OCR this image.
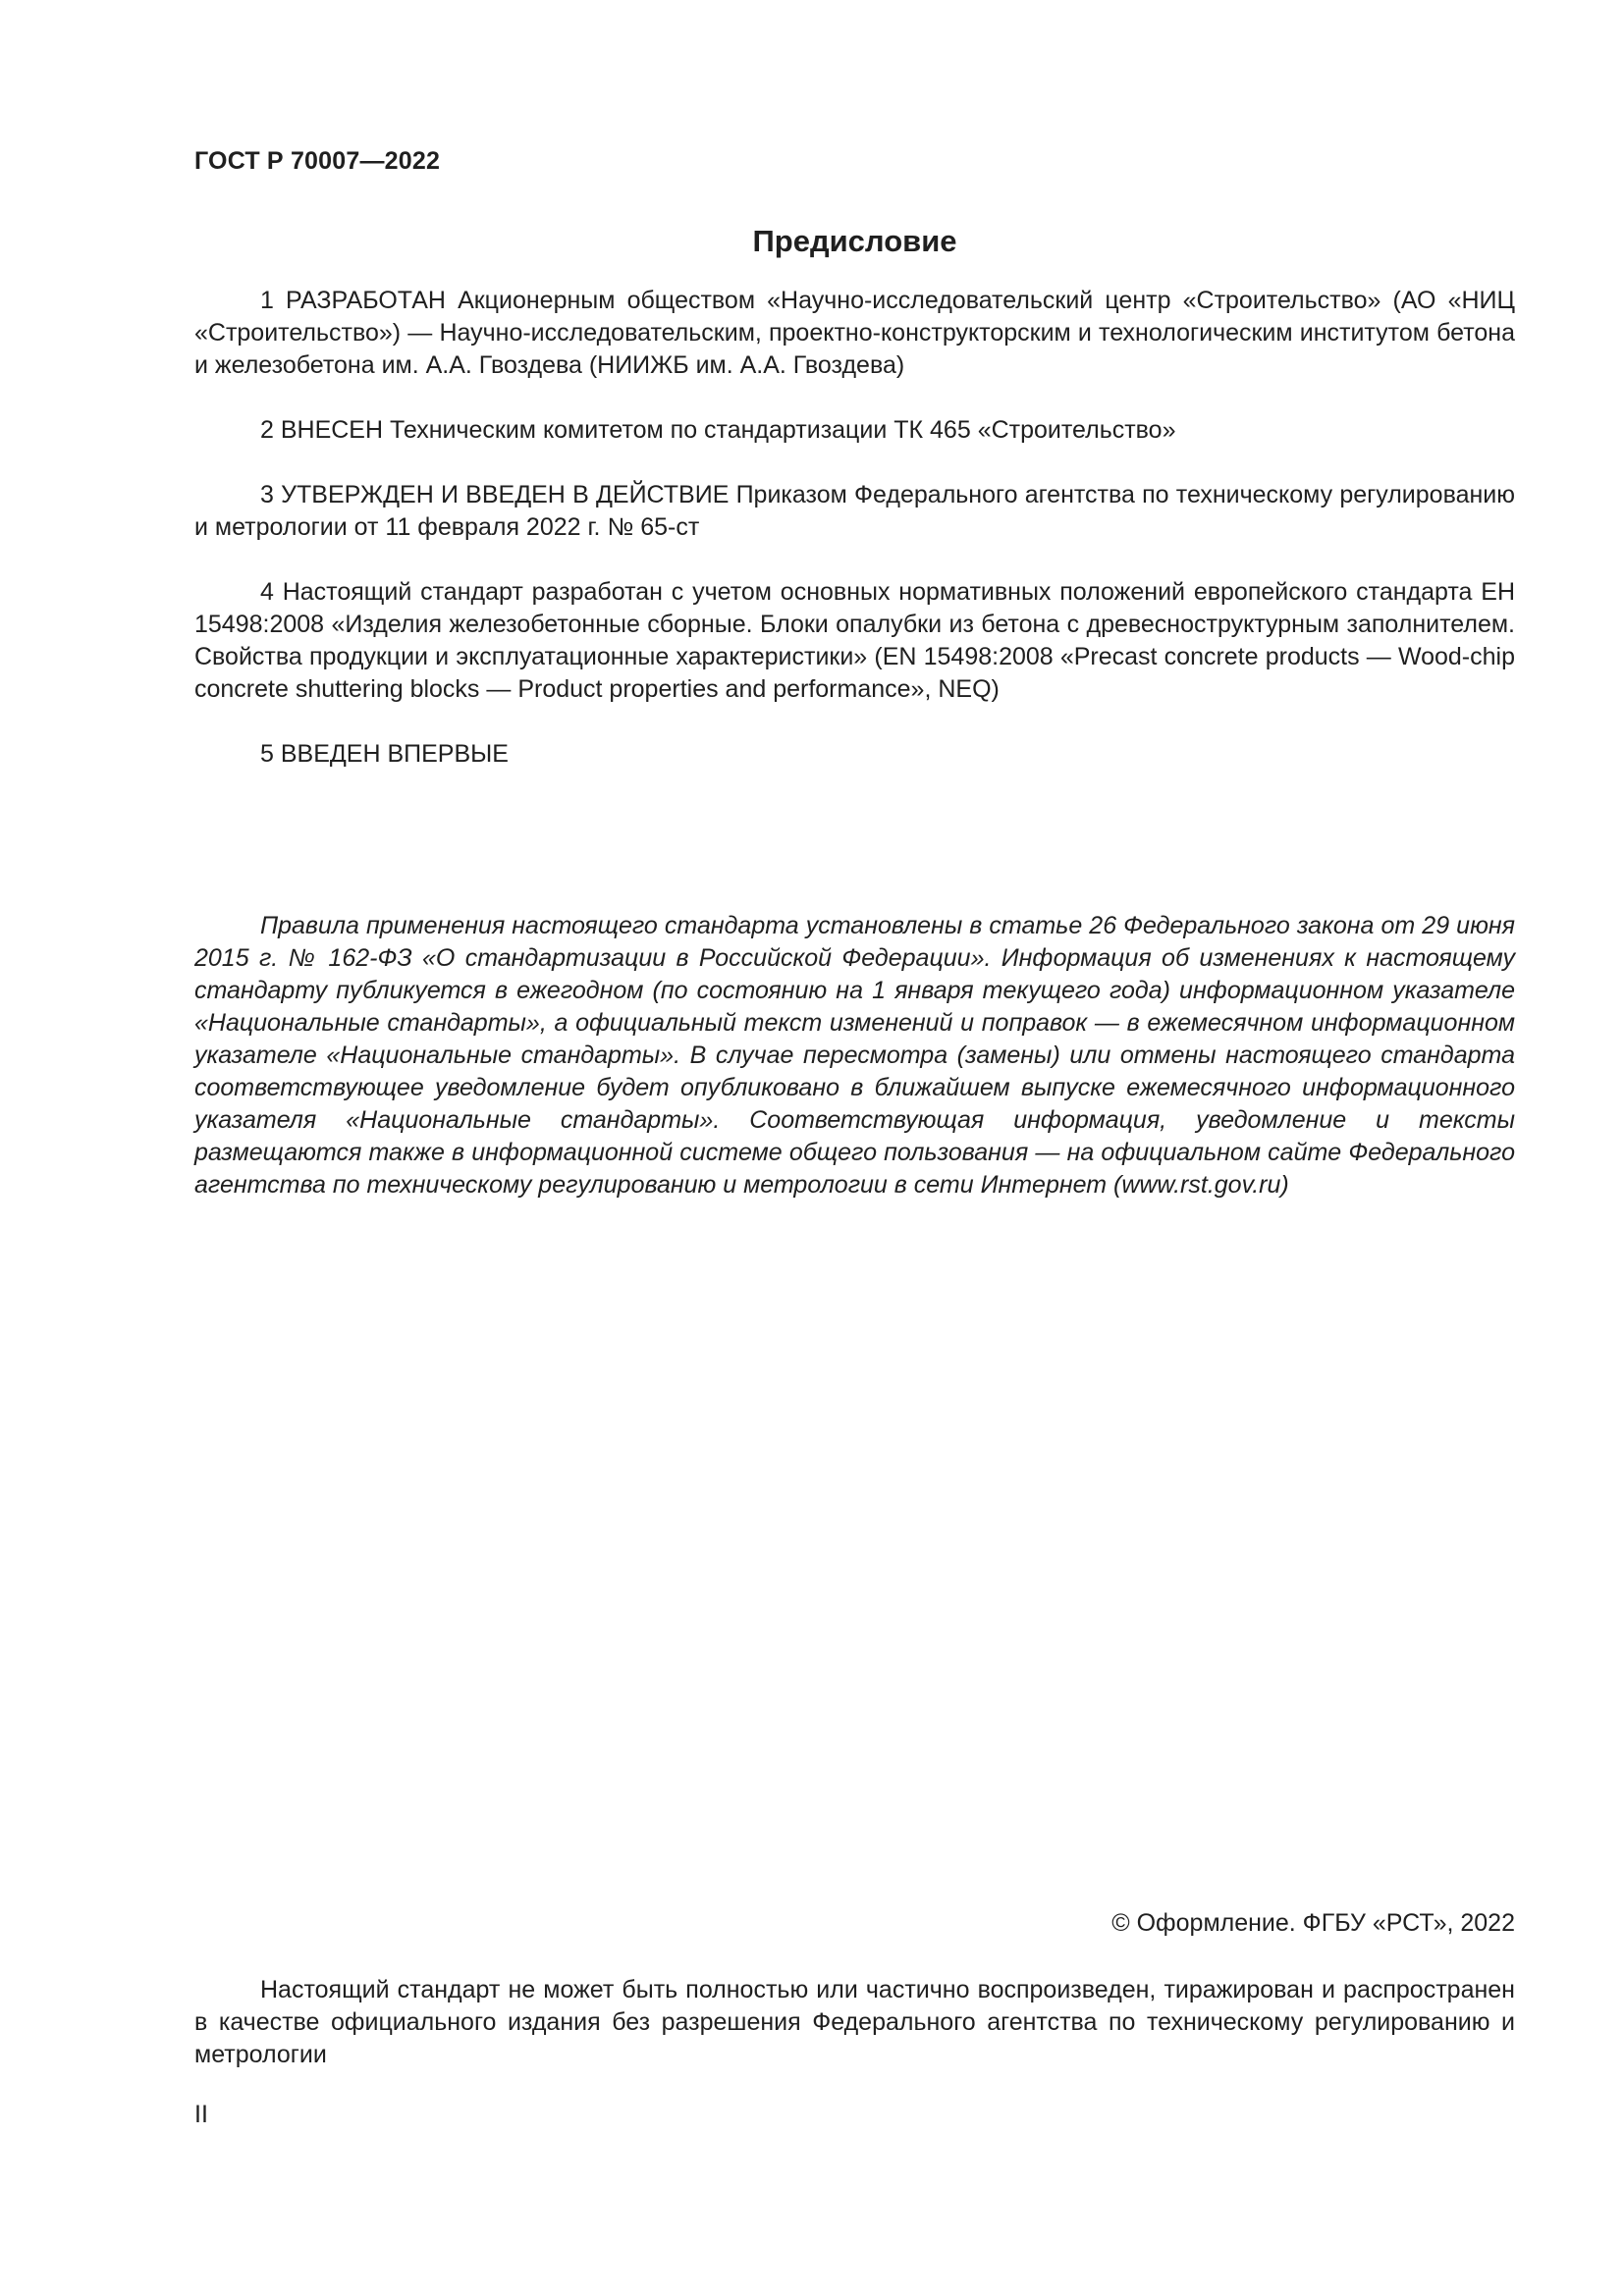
ГОСТ Р 70007—2022
Предисловие

1 РАЗРАБОТАН Акционерным обществом «Научно-исследовательский центр «Строительство» (АО «НИЦ «Строительство») — Научно-исследовательским, проектно-конструкторским и технологическим институтом бетона и железобетона им. А.А. Гвоздева (НИИЖБ им. А.А. Гвоздева)

2 ВНЕСЕН Техническим комитетом по стандартизации ТК 465 «Строительство»

3 УТВЕРЖДЕН И ВВЕДЕН В ДЕЙСТВИЕ Приказом Федерального агентства по техническому регулированию и метрологии от 11 февраля 2022 г. № 65-ст

4 Настоящий стандарт разработан с учетом основных нормативных положений европейского стандарта ЕН 15498:2008 «Изделия железобетонные сборные. Блоки опалубки из бетона с древесноструктурным заполнителем. Свойства продукции и эксплуатационные характеристики» (EN 15498:2008 «Precast concrete products — Wood-chip concrete shuttering blocks — Product properties and performance», NEQ)

5 ВВЕДЕН ВПЕРВЫЕ

Правила применения настоящего стандарта установлены в статье 26 Федерального закона от 29 июня 2015 г. № 162-ФЗ «О стандартизации в Российской Федерации». Информация об изменениях к настоящему стандарту публикуется в ежегодном (по состоянию на 1 января текущего года) информационном указателе «Национальные стандарты», а официальный текст изменений и поправок — в ежемесячном информационном указателе «Национальные стандарты». В случае пересмотра (замены) или отмены настоящего стандарта соответствующее уведомление будет опубликовано в ближайшем выпуске ежемесячного информационного указателя «Национальные стандарты». Соответствующая информация, уведомление и тексты размещаются также в информационной системе общего пользования — на официальном сайте Федерального агентства по техническому регулированию и метрологии в сети Интернет (www.rst.gov.ru)
© Оформление. ФГБУ «РСТ», 2022
Настоящий стандарт не может быть полностью или частично воспроизведен, тиражирован и распространен в качестве официального издания без разрешения Федерального агентства по техническому регулированию и метрологии
II
